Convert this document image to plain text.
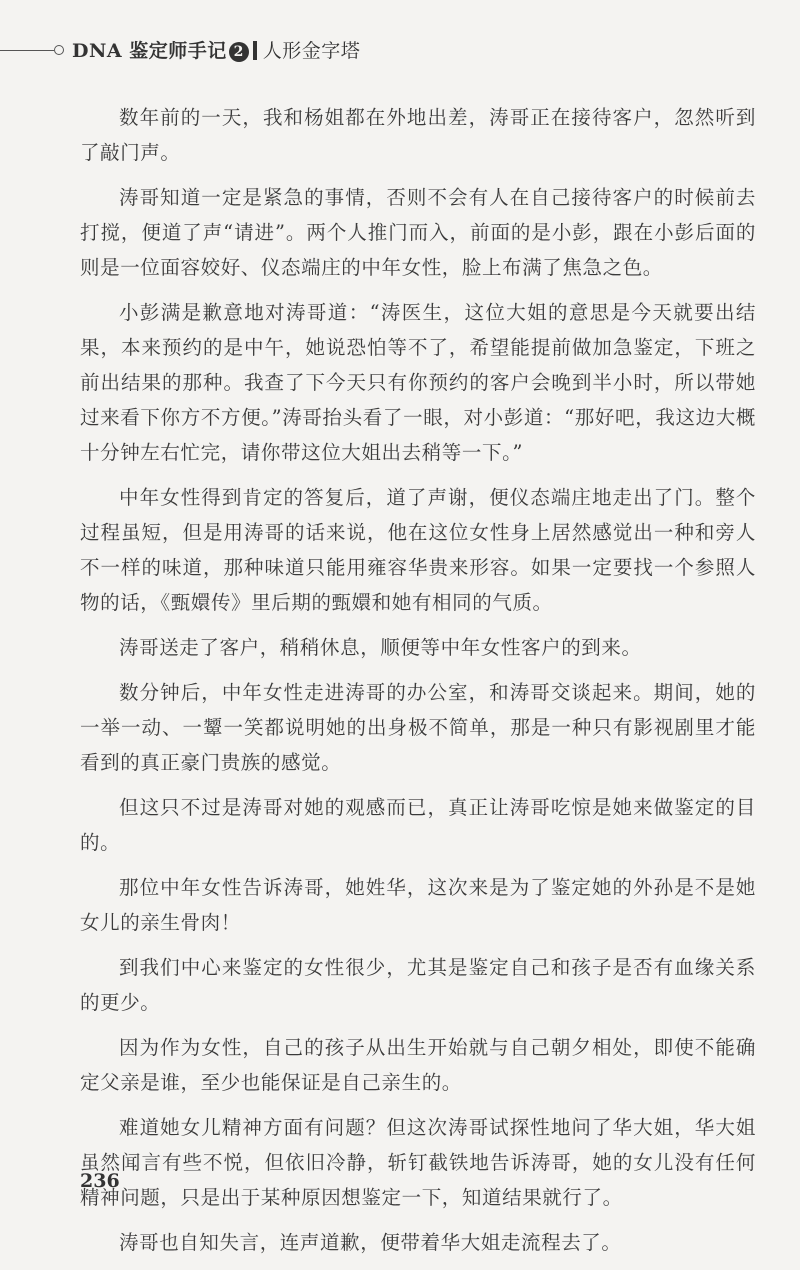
DNA 鉴定师手记 2 人形金字塔

数年前的一天，我和杨姐都在外地出差，涛哥正在接待客户，忽然听到了敲门声。

涛哥知道一定是紧急的事情，否则不会有人在自己接待客户的时候前去打搅，便道了声“请进”。两个人推门而入，前面的是小彭，跟在小彭后面的则是一位面容姣好、仪态端庄的中年女性，脸上布满了焦急之色。

小彭满是歉意地对涛哥道：“涛医生，这位大姐的意思是今天就要出结果，本来预约的是中午，她说恐怕等不了，希望能提前做加急鉴定，下班之前出结果的那种。我查了下今天只有你预约的客户会晚到半小时，所以带她过来看下你方不方便。”涛哥抬头看了一眼，对小彭道：“那好吧，我这边大概十分钟左右忙完，请你带这位大姐出去稍等一下。”

中年女性得到肯定的答复后，道了声谢，便仪态端庄地走出了门。整个过程虽短，但是用涛哥的话来说，他在这位女性身上居然感觉出一种和旁人不一样的味道，那种味道只能用雍容华贵来形容。如果一定要找一个参照人物的话，《甄嬛传》里后期的甄嬛和她有相同的气质。

涛哥送走了客户，稍稍休息，顺便等中年女性客户的到来。

数分钟后，中年女性走进涛哥的办公室，和涛哥交谈起来。期间，她的一举一动、一颦一笑都说明她的出身极不简单，那是一种只有影视剧里才能看到的真正豪门贵族的感觉。

但这只不过是涛哥对她的观感而已，真正让涛哥吃惊是她来做鉴定的目的。

那位中年女性告诉涛哥，她姓华，这次来是为了鉴定她的外孙是不是她女儿的亲生骨肉！

到我们中心来鉴定的女性很少，尤其是鉴定自己和孩子是否有血缘关系的更少。

因为作为女性，自己的孩子从出生开始就与自己朝夕相处，即使不能确定父亲是谁，至少也能保证是自己亲生的。

难道她女儿精神方面有问题？但这次涛哥试探性地问了华大姐，华大姐虽然闻言有些不悦，但依旧冷静，斩钉截铁地告诉涛哥，她的女儿没有任何精神问题，只是出于某种原因想鉴定一下，知道结果就行了。

涛哥也自知失言，连声道歉，便带着华大姐走流程去了。

236
